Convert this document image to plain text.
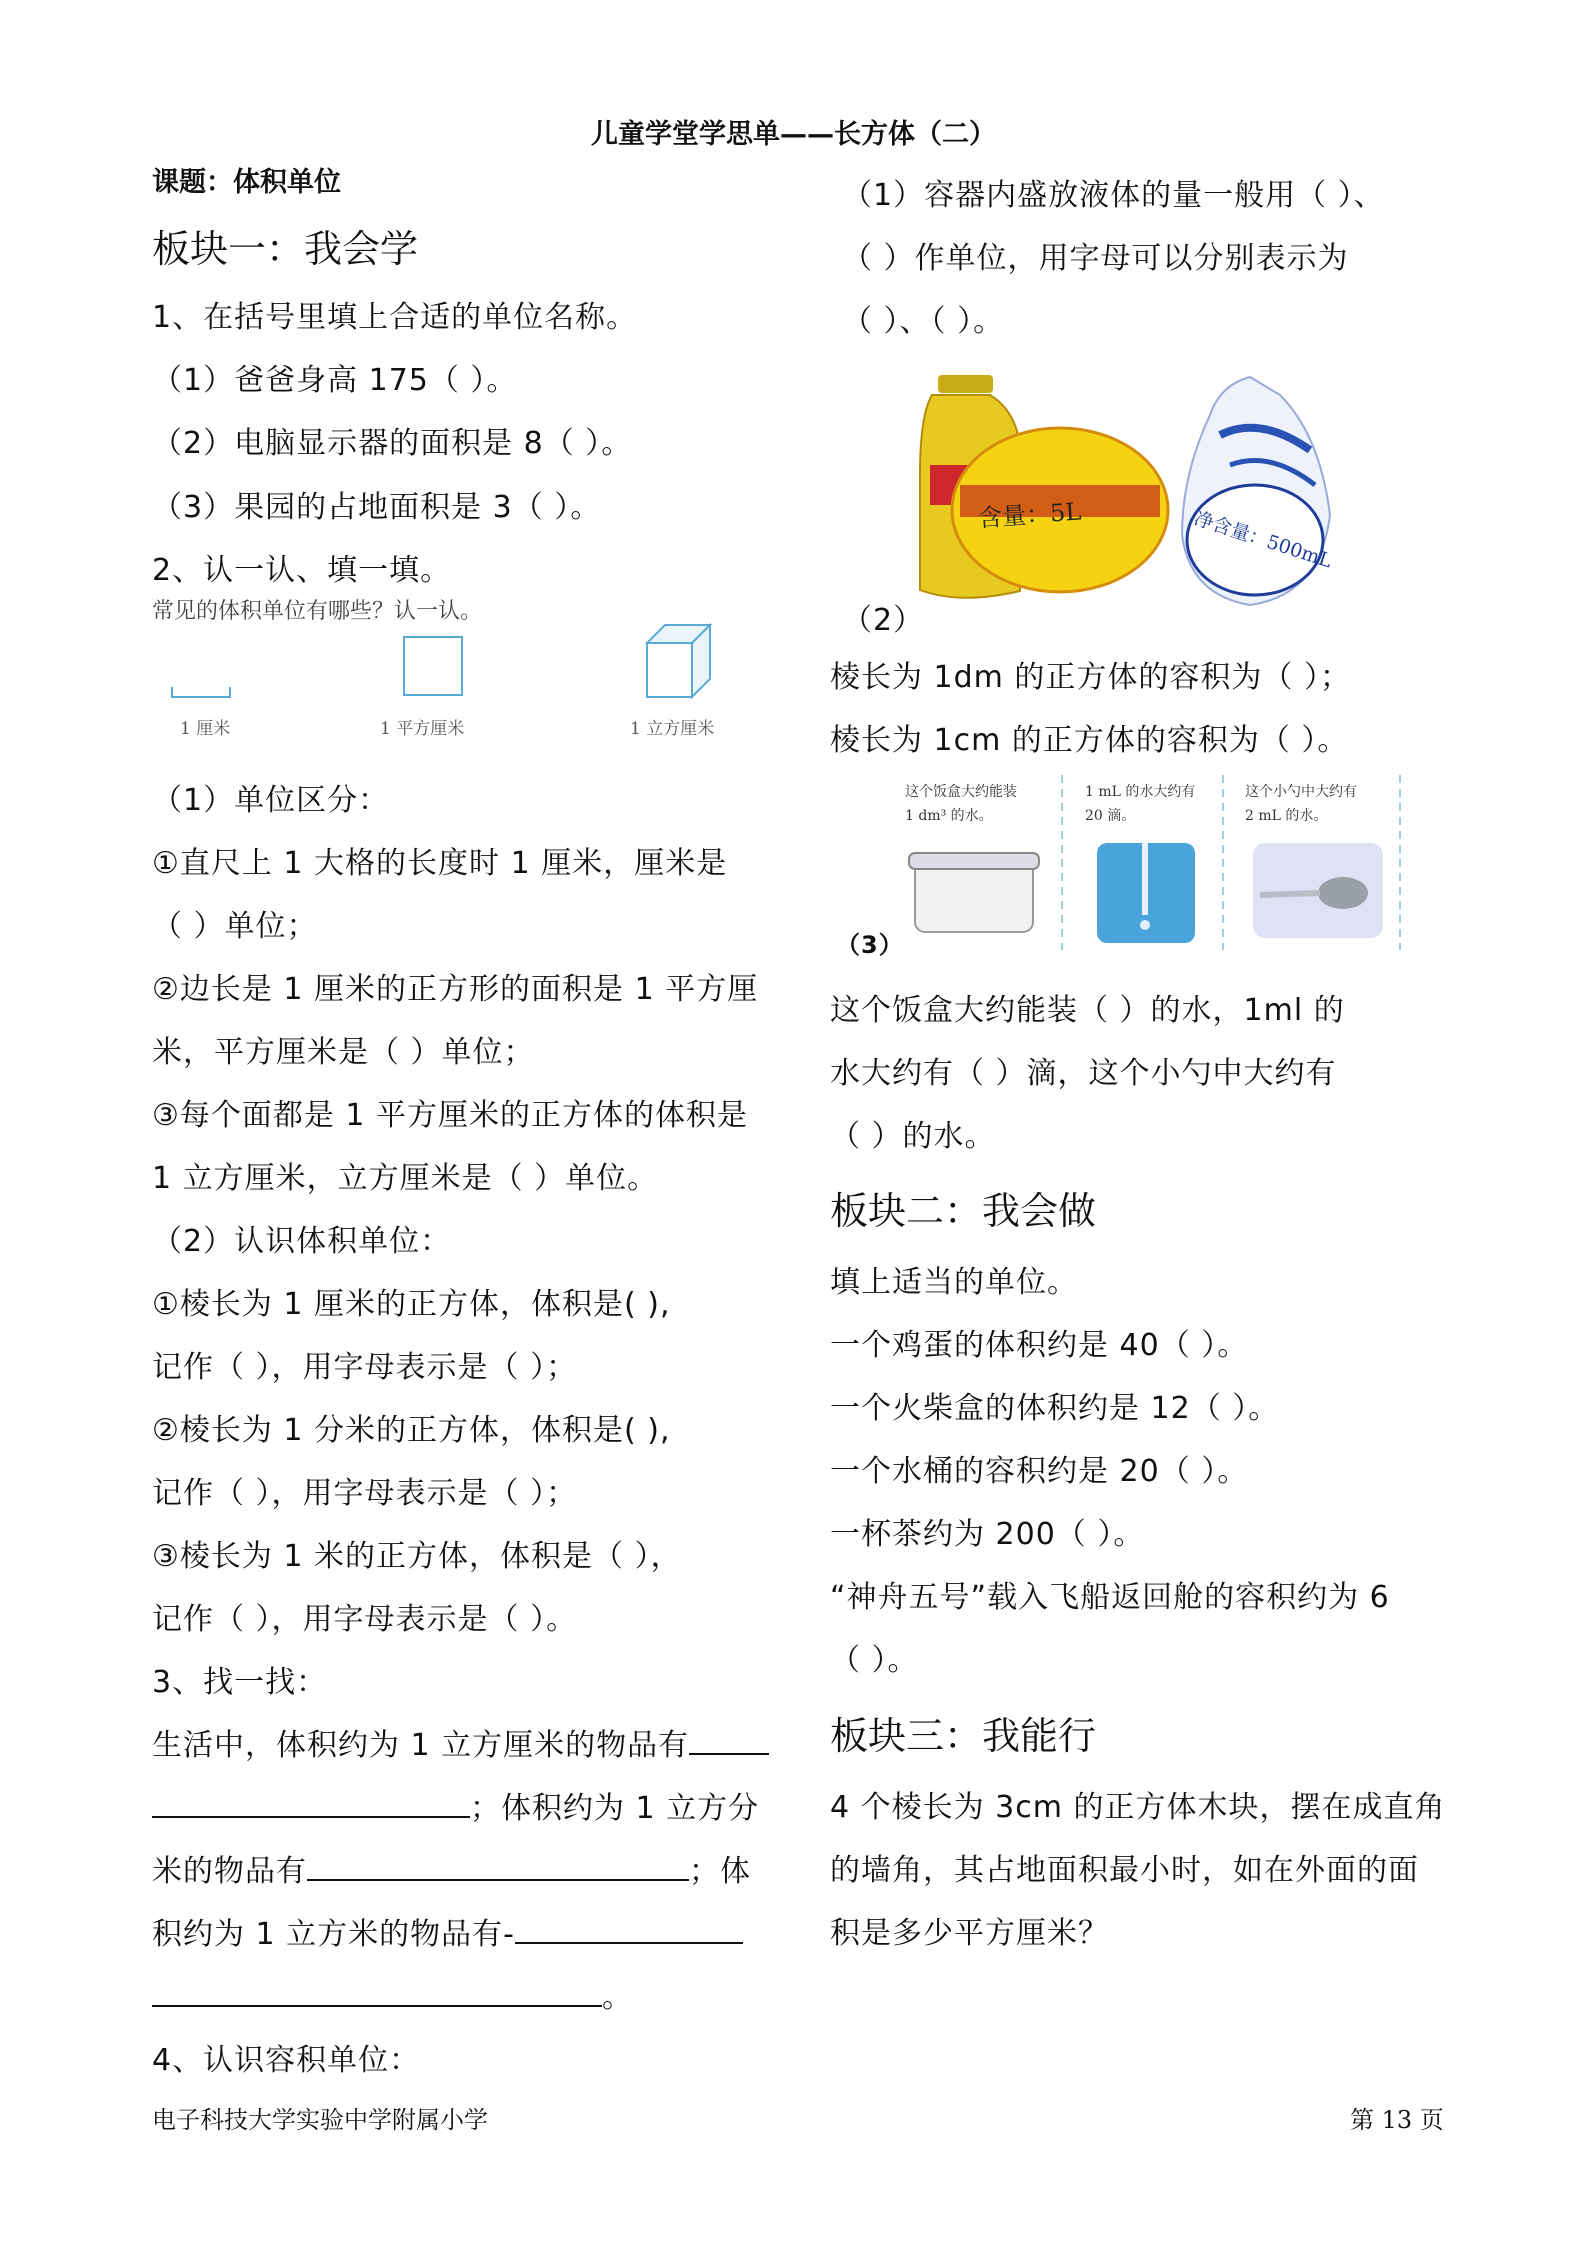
儿童学堂学思单——长方体（二）
课题：体积单位
板块一：我会学
1、在括号里填上合适的单位名称。
（1）爸爸身高 175（ ）。
（2）电脑显示器的面积是 8（ ）。
（3）果园的占地面积是 3（ ）。
2、认一认、填一填。
常见的体积单位有哪些？认一认。
1 厘米	1 平方厘米	1 立方厘米
（1）单位区分：
①直尺上 1 大格的长度时 1 厘米，厘米是
（ ）单位；
②边长是 1 厘米的正方形的面积是 1 平方厘
米，平方厘米是（ ）单位；
③每个面都是 1 平方厘米的正方体的体积是
1 立方厘米，立方厘米是（ ）单位。
（2）认识体积单位：
①棱长为 1 厘米的正方体，体积是( ),
记作（ ），用字母表示是（ ）；
②棱长为 1 分米的正方体，体积是( ),
记作（ ），用字母表示是（ ）；
③棱长为 1 米的正方体，体积是（ ），
记作（ ），用字母表示是（ ）。
3、找一找：
生活中，体积约为 1 立方厘米的物品有
；体积约为 1 立方分
米的物品有	；体
积约为 1 立方米的物品有-
。
4、认识容积单位：
（1）容器内盛放液体的量一般用（ ）、
（ ）作单位，用字母可以分别表示为
（ ）、（ ）。
含量：5L	净含量：500mL
（2）
棱长为 1dm 的正方体的容积为（ ）；
棱长为 1cm 的正方体的容积为（ ）。
这个饭盒大约能装
1 dm³ 的水。
1 mL 的水大约有
20 滴。
这个小勺中大约有
2 mL 的水。
（3）
这个饭盒大约能装（ ）的水，1ml 的
水大约有（ ）滴，这个小勺中大约有
（ ）的水。
板块二：我会做
填上适当的单位。
一个鸡蛋的体积约是 40（ ）。
一个火柴盒的体积约是 12（ ）。
一个水桶的容积约是 20（ ）。
一杯茶约为 200（ ）。
“神舟五号”载入飞船返回舱的容积约为 6
（ ）。
板块三：我能行
4 个棱长为 3cm 的正方体木块，摆在成直角
的墙角，其占地面积最小时，如在外面的面
积是多少平方厘米？
电子科技大学实验中学附属小学	第 13 页
